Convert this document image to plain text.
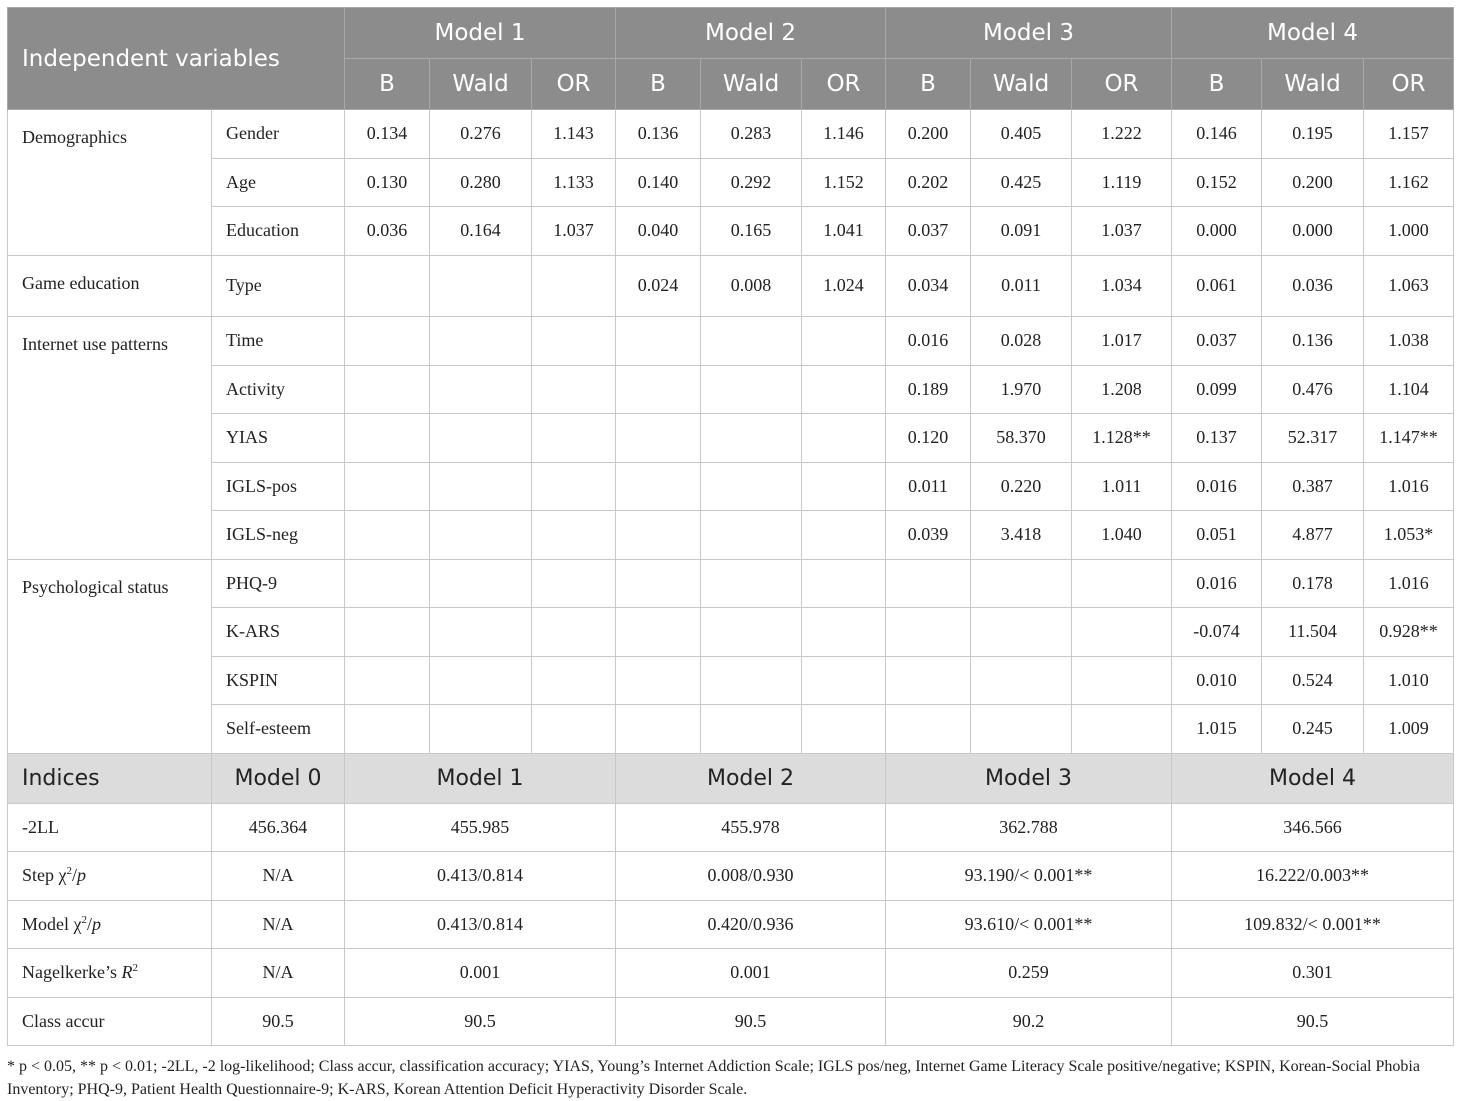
Independent variables		Model 1			Model 2			Model 3			Model 4		
		B	Wald	OR	B	Wald	OR	B	Wald	OR	B	Wald	OR
Demographics	Gender	0.134	0.276	1.143	0.136	0.283	1.146	0.200	0.405	1.222	0.146	0.195	1.157
	Age	0.130	0.280	1.133	0.140	0.292	1.152	0.202	0.425	1.119	0.152	0.200	1.162
	Education	0.036	0.164	1.037	0.040	0.165	1.041	0.037	0.091	1.037	0.000	0.000	1.000
Game education	Type				0.024	0.008	1.024	0.034	0.011	1.034	0.061	0.036	1.063
Internet use patterns	Time							0.016	0.028	1.017	0.037	0.136	1.038
	Activity							0.189	1.970	1.208	0.099	0.476	1.104
	YIAS							0.120	58.370	1.128**	0.137	52.317	1.147**
	IGLS-pos							0.011	0.220	1.011	0.016	0.387	1.016
	IGLS-neg							0.039	3.418	1.040	0.051	4.877	1.053*
Psychological status	PHQ-9										0.016	0.178	1.016
	K-ARS										-0.074	11.504	0.928**
	KSPIN										0.010	0.524	1.010
	Self-esteem										1.015	0.245	1.009
Indices	Model 0	Model 1			Model 2			Model 3			Model 4		
-2LL	456.364	455.985			455.978			362.788			346.566		
Step $\chi^2/p$	N/A	0.413/0.814			0.008/0.930			93.190/< 0.001**			16.222/0.003**		
Model $\chi^2/p$	N/A	0.413/0.814			0.420/0.936			93.610/< 0.001**			109.832/< 0.001**		
Nagelkerke’s $R^2$	N/A	0.001			0.001			0.259			0.301		
Class accur	90.5	90.5			90.5			90.2			90.5		
* p < 0.05, ** p < 0.01; -2LL, -2 log-likelihood; Class accur, classification accuracy; YIAS, Young’s Internet Addiction Scale; IGLS pos/neg, Internet Game Literacy Scale positive/negative; KSPIN, Korean-Social Phobia Inventory; PHQ-9, Patient Health Questionnaire-9; K-ARS, Korean Attention Deficit Hyperactivity Disorder Scale.
